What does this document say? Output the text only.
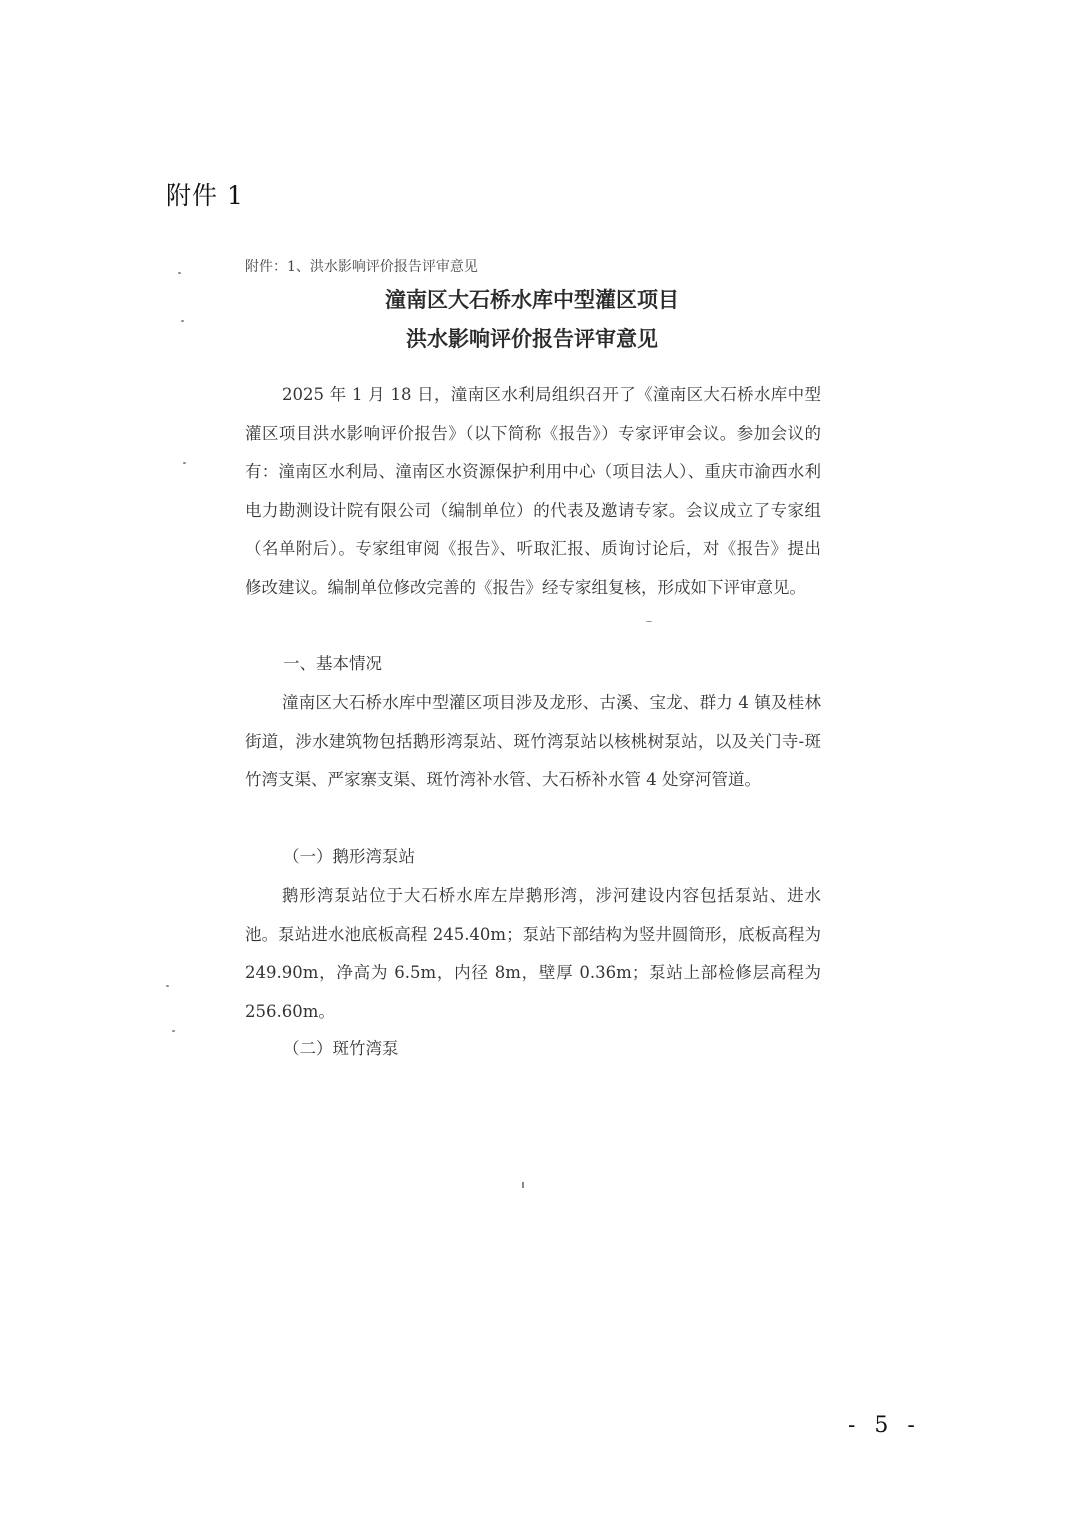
附件 1
附件：1、洪水影响评价报告评审意见
潼南区大石桥水库中型灌区项目
洪水影响评价报告评审意见
2025 年 1 月 18 日，潼南区水利局组织召开了《潼南区大石桥水库中型灌区项目洪水影响评价报告》（以下简称《报告》）专家评审会议。参加会议的有：潼南区水利局、潼南区水资源保护利用中心（项目法人）、重庆市渝西水利电力勘测设计院有限公司（编制单位）的代表及邀请专家。会议成立了专家组（名单附后）。专家组审阅《报告》、听取汇报、质询讨论后，对《报告》提出修改建议。编制单位修改完善的《报告》经专家组复核，形成如下评审意见。
一、基本情况
潼南区大石桥水库中型灌区项目涉及龙形、古溪、宝龙、群力 4 镇及桂林街道，涉水建筑物包括鹅形湾泵站、斑竹湾泵站以核桃树泵站，以及关门寺-斑竹湾支渠、严家寨支渠、斑竹湾补水管、大石桥补水管 4 处穿河管道。
（一）鹅形湾泵站
鹅形湾泵站位于大石桥水库左岸鹅形湾，涉河建设内容包括泵站、进水池。泵站进水池底板高程 245.40m；泵站下部结构为竖井圆筒形，底板高程为 249.90m，净高为 6.5m，内径 8m，壁厚 0.36m；泵站上部检修层高程为 256.60m。
（二）斑竹湾泵
- 5 -
